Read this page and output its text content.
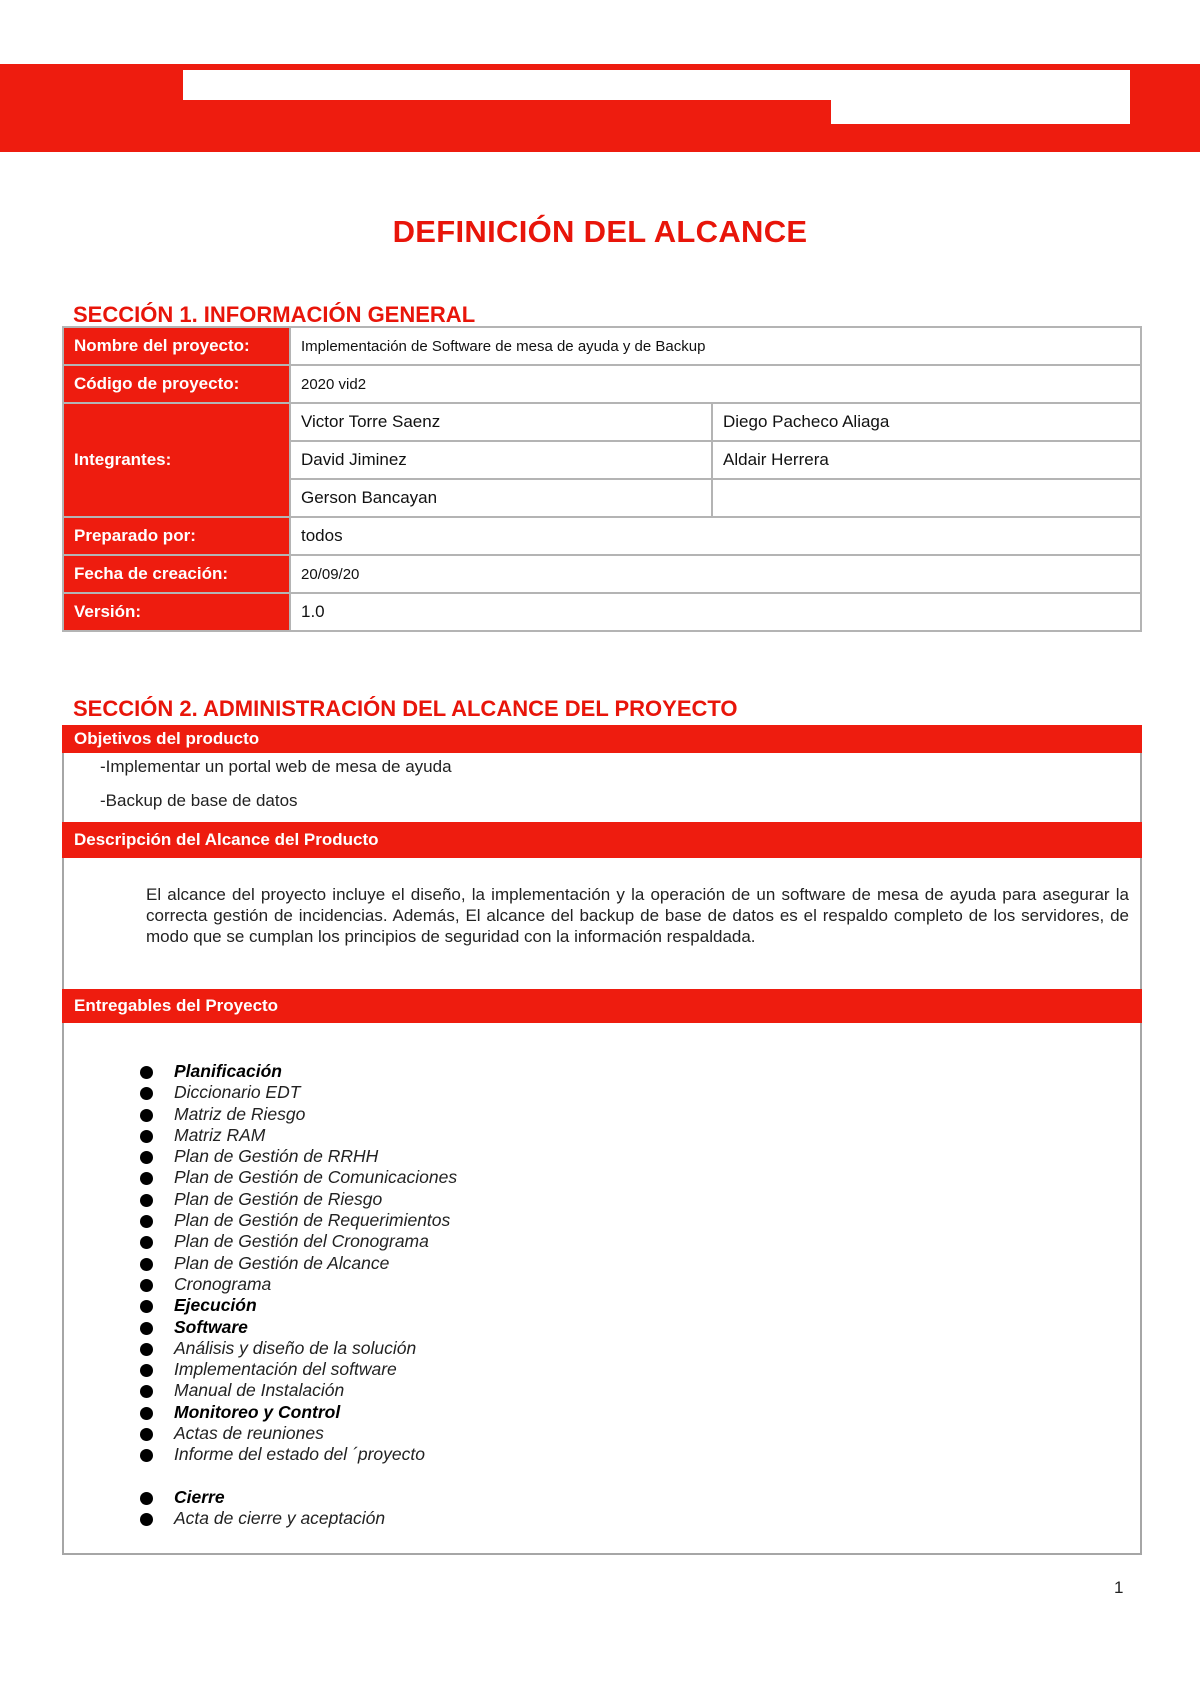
DEFINICIÓN DEL ALCANCE
SECCIÓN 1. INFORMACIÓN GENERAL
Nombre del proyecto:	Implementación de Software de mesa de ayuda y de Backup	
Código de proyecto:	2020 vid2	
Integrantes:	Victor Torre Saenz	Diego Pacheco Aliaga
	David Jiminez	Aldair Herrera
	Gerson Bancayan	
Preparado por:	todos	
Fecha de creación:	20/09/20	
Versión:	1.0	
SECCIÓN 2. ADMINISTRACIÓN DEL ALCANCE DEL PROYECTO
Objetivos del producto
-Implementar un portal web de mesa de ayuda
-Backup de base de datos
Descripción del Alcance del Producto
El alcance del proyecto incluye el diseño, la implementación y la operación de un software de mesa de ayuda para asegurar la correcta gestión de incidencias. Además, El alcance del backup de base de datos es el respaldo completo de los servidores, de modo que se cumplan los principios de seguridad con la información respaldada.
Entregables del Proyecto
Planificación
Diccionario EDT
Matriz de Riesgo
Matriz RAM
Plan de Gestión de RRHH
Plan de Gestión de Comunicaciones
Plan de Gestión de Riesgo
Plan de Gestión de Requerimientos
Plan de Gestión del Cronograma
Plan de Gestión de Alcance
Cronograma
Ejecución
Software
Análisis y diseño de la solución
Implementación del software
Manual de Instalación
Monitoreo y Control
Actas de reuniones
Informe del estado del ´proyecto
Cierre
Acta de cierre y aceptación
1
